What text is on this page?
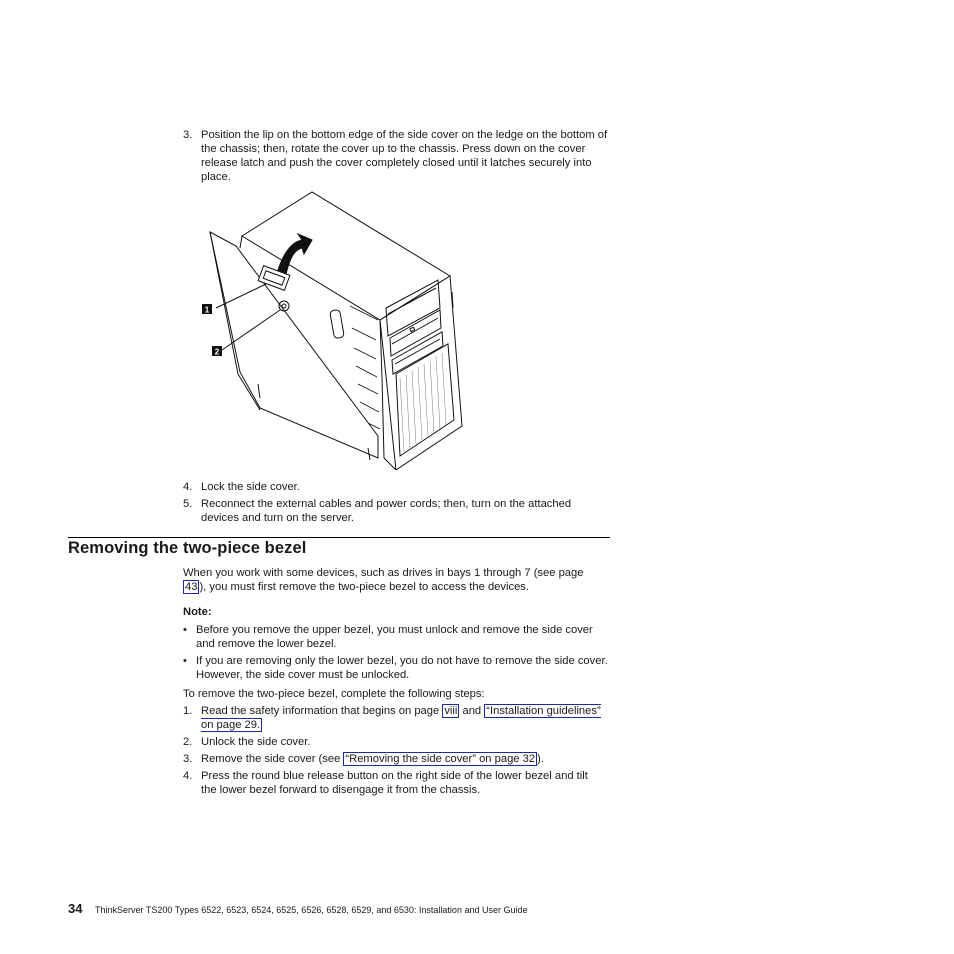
3. Position the lip on the bottom edge of the side cover on the ledge on the bottom of the chassis; then, rotate the cover up to the chassis. Press down on the cover release latch and push the cover completely closed until it latches securely into place.
1
2
4. Lock the side cover.
5. Reconnect the external cables and power cords; then, turn on the attached devices and turn on the server.
Removing the two-piece bezel
When you work with some devices, such as drives in bays 1 through 7 (see page 43 ), you must first remove the two-piece bezel to access the devices.
Note:
• Before you remove the upper bezel, you must unlock and remove the side cover and remove the lower bezel.
• If you are removing only the lower bezel, you do not have to remove the side cover. However, the side cover must be unlocked.
To remove the two-piece bezel, complete the following steps:
1. Read the safety information that begins on page viii and “Installation guidelines” on page 29.
2. Unlock the side cover.
3. Remove the side cover (see “Removing the side cover” on page 32 ).
4. Press the round blue release button on the right side of the lower bezel and tilt the lower bezel forward to disengage it from the chassis.
34 ThinkServer TS200 Types 6522, 6523, 6524, 6525, 6526, 6528, 6529, and 6530: Installation and User Guide
